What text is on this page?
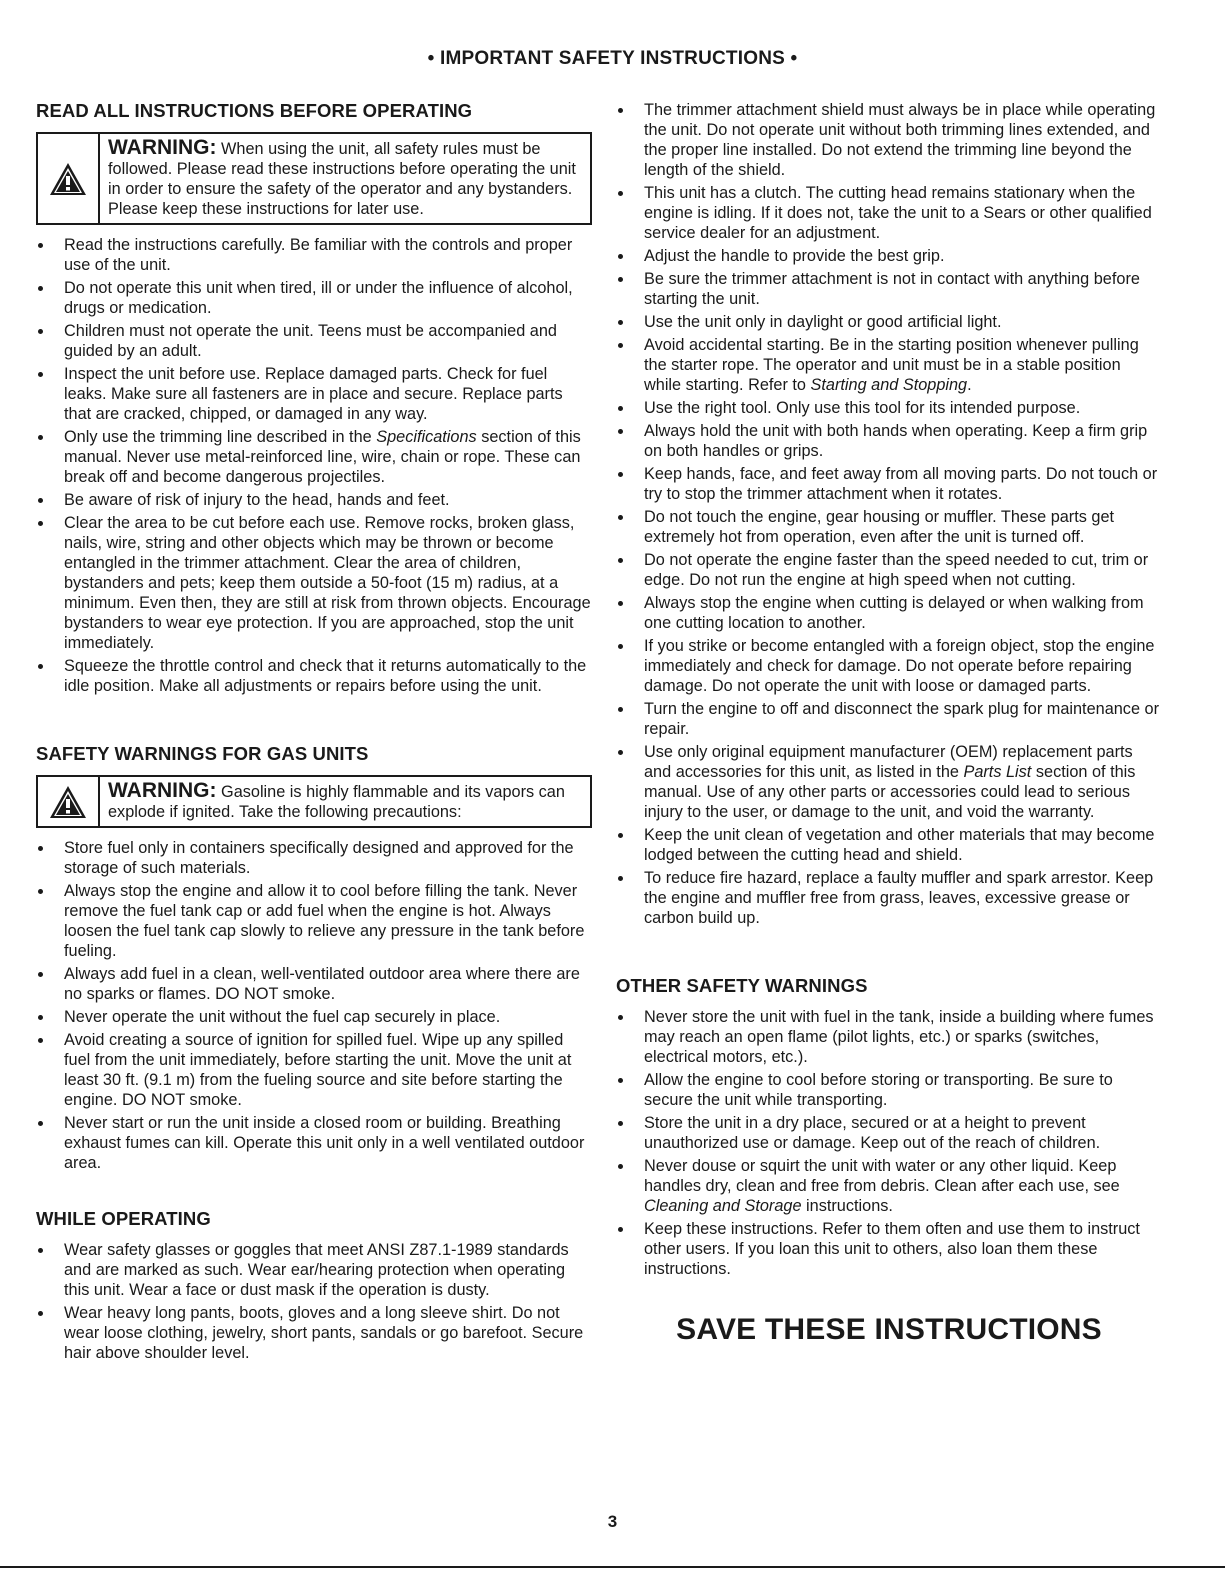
• IMPORTANT SAFETY INSTRUCTIONS •
READ ALL INSTRUCTIONS BEFORE OPERATING
WARNING: When using the unit, all safety rules must be followed. Please read these instructions before operating the unit in order to ensure the safety of the operator and any bystanders. Please keep these instructions for later use.
Read the instructions carefully. Be familiar with the controls and proper use of the unit.
Do not operate this unit when tired, ill or under the influence of alcohol, drugs or medication.
Children must not operate the unit. Teens must be accompanied and guided by an adult.
Inspect the unit before use. Replace damaged parts. Check for fuel leaks. Make sure all fasteners are in place and secure. Replace parts that are cracked, chipped, or damaged in any way.
Only use the trimming line described in the Specifications section of this manual. Never use metal-reinforced line, wire, chain or rope. These can break off and become dangerous projectiles.
Be aware of risk of injury to the head, hands and feet.
Clear the area to be cut before each use. Remove rocks, broken glass, nails, wire, string and other objects which may be thrown or become entangled in the trimmer attachment. Clear the area of children, bystanders and pets; keep them outside a 50-foot (15 m) radius, at a minimum. Even then, they are still at risk from thrown objects. Encourage bystanders to wear eye protection. If you are approached, stop the unit immediately.
Squeeze the throttle control and check that it returns automatically to the idle position. Make all adjustments or repairs before using the unit.
SAFETY WARNINGS FOR GAS UNITS
WARNING: Gasoline is highly flammable and its vapors can explode if ignited. Take the following precautions:
Store fuel only in containers specifically designed and approved for the storage of such materials.
Always stop the engine and allow it to cool before filling the tank. Never remove the fuel tank cap or add fuel when the engine is hot. Always loosen the fuel tank cap slowly to relieve any pressure in the tank before fueling.
Always add fuel in a clean, well-ventilated outdoor area where there are no sparks or flames. DO NOT smoke.
Never operate the unit without the fuel cap securely in place.
Avoid creating a source of ignition for spilled fuel. Wipe up any spilled fuel from the unit immediately, before starting the unit. Move the unit at least 30 ft. (9.1 m) from the fueling source and site before starting the engine. DO NOT smoke.
Never start or run the unit inside a closed room or building. Breathing exhaust fumes can kill. Operate this unit only in a well ventilated outdoor area.
WHILE OPERATING
Wear safety glasses or goggles that meet ANSI Z87.1-1989 standards and are marked as such. Wear ear/hearing protection when operating this unit. Wear a face or dust mask if the operation is dusty.
Wear heavy long pants, boots, gloves and a long sleeve shirt. Do not wear loose clothing, jewelry, short pants, sandals or go barefoot. Secure hair above shoulder level.
The trimmer attachment shield must always be in place while operating the unit. Do not operate unit without both trimming lines extended, and the proper line installed. Do not extend the trimming line beyond the length of the shield.
This unit has a clutch. The cutting head remains stationary when the engine is idling. If it does not, take the unit to a Sears or other qualified service dealer for an adjustment.
Adjust the handle to provide the best grip.
Be sure the trimmer attachment is not in contact with anything before starting the unit.
Use the unit only in daylight or good artificial light.
Avoid accidental starting. Be in the starting position whenever pulling the starter rope. The operator and unit must be in a stable position while starting. Refer to Starting and Stopping.
Use the right tool. Only use this tool for its intended purpose.
Always hold the unit with both hands when operating. Keep a firm grip on both handles or grips.
Keep hands, face, and feet away from all moving parts. Do not touch or try to stop the trimmer attachment when it rotates.
Do not touch the engine, gear housing or muffler. These parts get extremely hot from operation, even after the unit is turned off.
Do not operate the engine faster than the speed needed to cut, trim or edge. Do not run the engine at high speed when not cutting.
Always stop the engine when cutting is delayed or when walking from one cutting location to another.
If you strike or become entangled with a foreign object, stop the engine immediately and check for damage. Do not operate before repairing damage. Do not operate the unit with loose or damaged parts.
Turn the engine to off and disconnect the spark plug for maintenance or repair.
Use only original equipment manufacturer (OEM) replacement parts and accessories for this unit, as listed in the Parts List section of this manual. Use of any other parts or accessories could lead to serious injury to the user, or damage to the unit, and void the warranty.
Keep the unit clean of vegetation and other materials that may become lodged between the cutting head and shield.
To reduce fire hazard, replace a faulty muffler and spark arrestor. Keep the engine and muffler free from grass, leaves, excessive grease or carbon build up.
OTHER SAFETY WARNINGS
Never store the unit with fuel in the tank, inside a building where fumes may reach an open flame (pilot lights, etc.) or sparks (switches, electrical motors, etc.).
Allow the engine to cool before storing or transporting. Be sure to secure the unit while transporting.
Store the unit in a dry place, secured or at a height to prevent unauthorized use or damage. Keep out of the reach of children.
Never douse or squirt the unit with water or any other liquid. Keep handles dry, clean and free from debris. Clean after each use, see Cleaning and Storage instructions.
Keep these instructions. Refer to them often and use them to instruct other users. If you loan this unit to others, also loan them these instructions.
SAVE THESE INSTRUCTIONS
3
